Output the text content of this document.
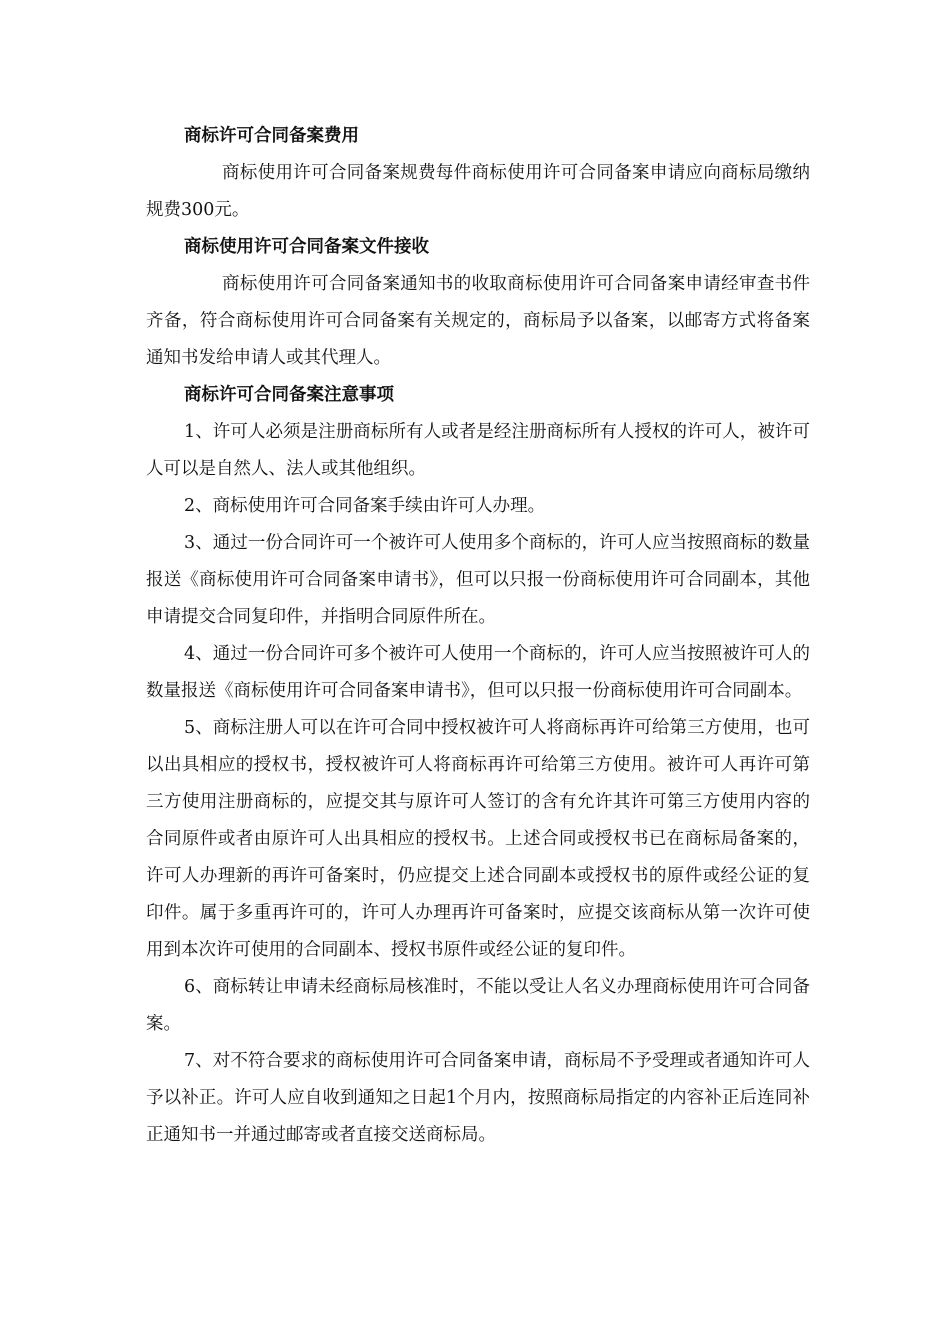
商标许可合同备案费用

商标使用许可合同备案规费每件商标使用许可合同备案申请应向商标局缴纳规费300元。

商标使用许可合同备案文件接收

商标使用许可合同备案通知书的收取商标使用许可合同备案申请经审查书件齐备，符合商标使用许可合同备案有关规定的，商标局予以备案，以邮寄方式将备案通知书发给申请人或其代理人。

商标许可合同备案注意事项

1、许可人必须是注册商标所有人或者是经注册商标所有人授权的许可人，被许可人可以是自然人、法人或其他组织。

2、商标使用许可合同备案手续由许可人办理。

3、通过一份合同许可一个被许可人使用多个商标的，许可人应当按照商标的数量报送《商标使用许可合同备案申请书》，但可以只报一份商标使用许可合同副本，其他申请提交合同复印件，并指明合同原件所在。

4、通过一份合同许可多个被许可人使用一个商标的，许可人应当按照被许可人的数量报送《商标使用许可合同备案申请书》，但可以只报一份商标使用许可合同副本。

5、商标注册人可以在许可合同中授权被许可人将商标再许可给第三方使用，也可以出具相应的授权书，授权被许可人将商标再许可给第三方使用。被许可人再许可第三方使用注册商标的，应提交其与原许可人签订的含有允许其许可第三方使用内容的合同原件或者由原许可人出具相应的授权书。上述合同或授权书已在商标局备案的，许可人办理新的再许可备案时，仍应提交上述合同副本或授权书的原件或经公证的复印件。属于多重再许可的，许可人办理再许可备案时，应提交该商标从第一次许可使用到本次许可使用的合同副本、授权书原件或经公证的复印件。

6、商标转让申请未经商标局核准时，不能以受让人名义办理商标使用许可合同备案。

7、对不符合要求的商标使用许可合同备案申请，商标局不予受理或者通知许可人予以补正。许可人应自收到通知之日起1个月内，按照商标局指定的内容补正后连同补正通知书一并通过邮寄或者直接交送商标局。
